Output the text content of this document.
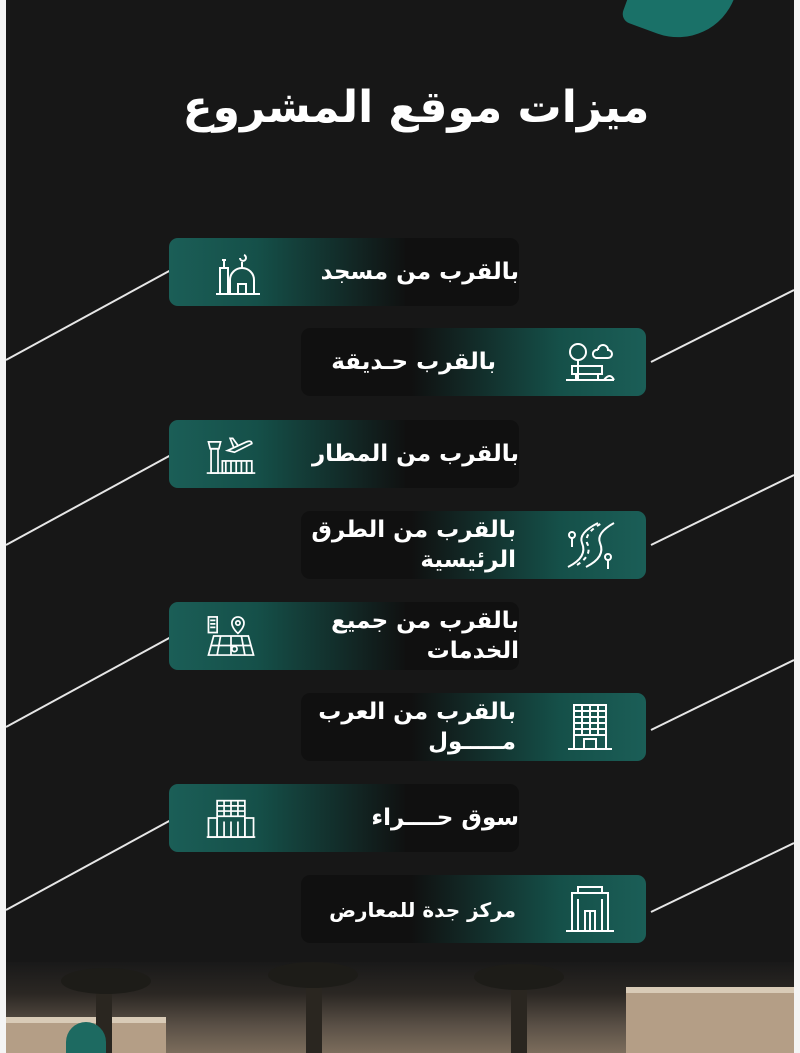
ميزات موقع المشروع
بالقرب من مسجد
بالقرب حـديقة
بالقرب من المطار
بالقرب من الطرق
الرئيسية
بالقرب من جميع
الخدمات
بالقرب من العرب
مـــــول
سوق حــــراء
مركز جدة للمعارض
